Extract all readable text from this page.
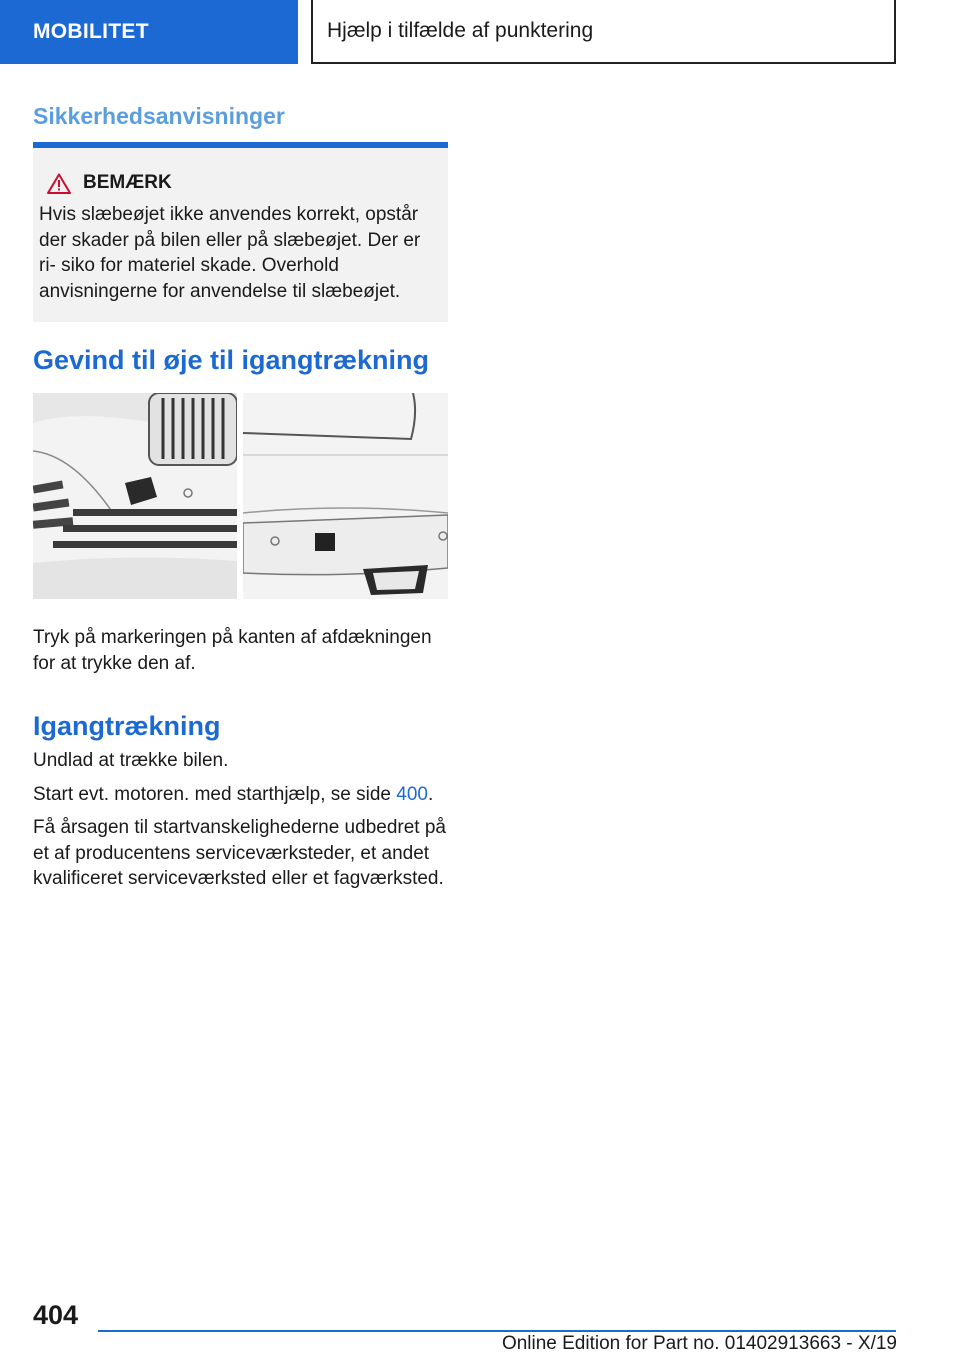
MOBILITET	Hjælp i tilfælde af punktering
Sikkerhedsanvisninger
BEMÆRK
Hvis slæbeøjet ikke anvendes korrekt, opstår der skader på bilen eller på slæbeøjet. Der er ri- siko for materiel skade. Overhold anvisningerne for anvendelse til slæbeøjet.
Gevind til øje til igangtrækning

Tryk på markeringen på kanten af afdækningen for at trykke den af.

Igangtrækning

Undlad at trække bilen.

Start evt. motoren. med starthjælp, se side 400.

Få årsagen til startvanskelighederne udbedret på et af producentens serviceværksteder, et andet kvalificeret serviceværksted eller et fagværksted.

404
Online Edition for Part no. 01402913663 - X/19
